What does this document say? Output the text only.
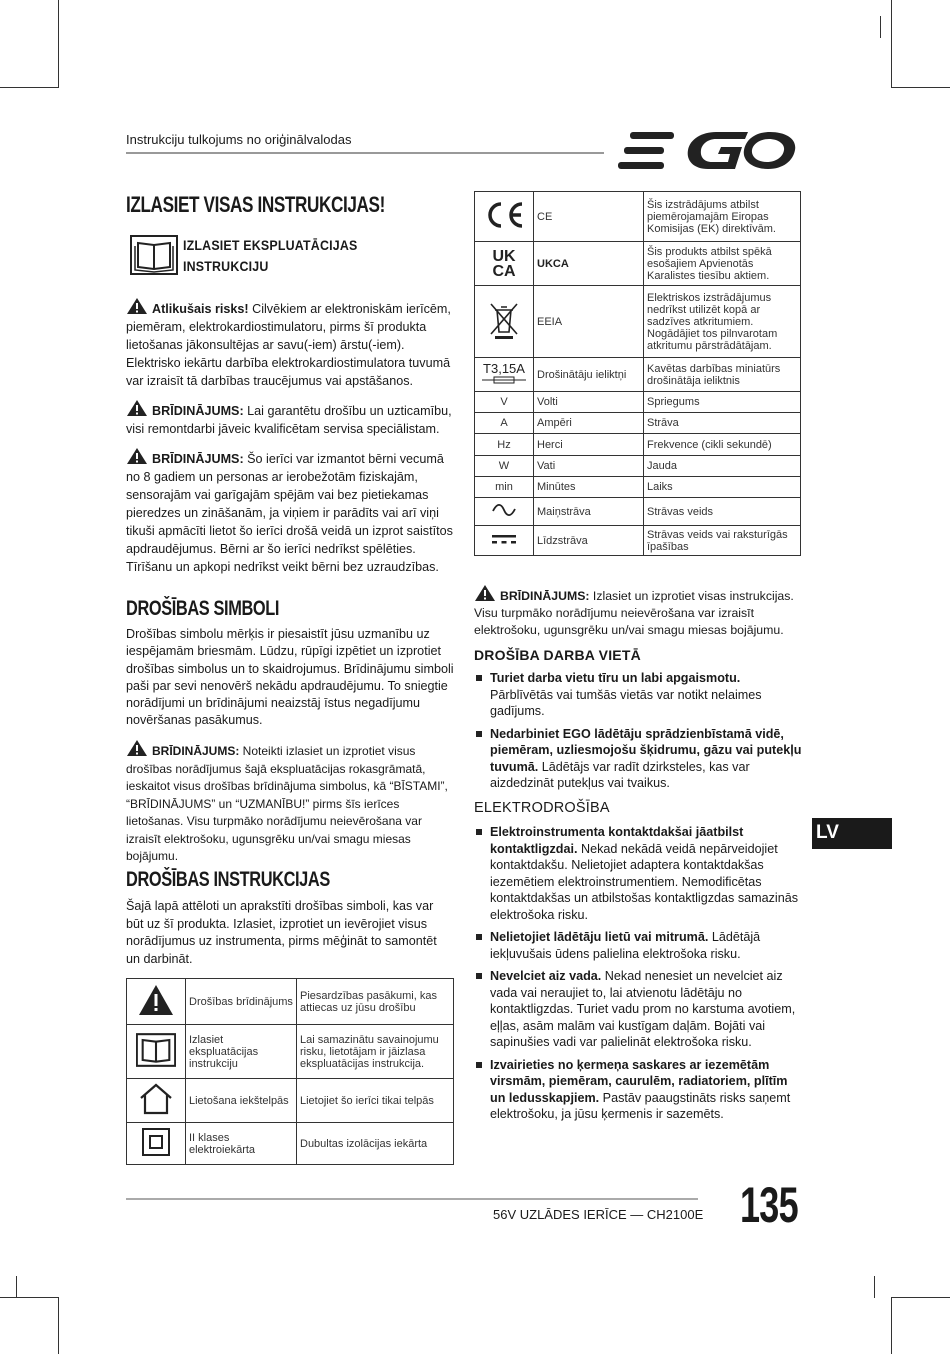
Instrukciju tulkojums no oriģinālvalodas
IZLASIET VISAS INSTRUKCIJAS!
IZLASIET EKSPLUATĀCIJAS
INSTRUKCIJU
Atlikušais risks! Cilvēkiem ar elektroniskām ierīcēm, piemēram, elektrokardiostimulatoru, pirms šī produkta lietošanas jākonsultējas ar savu(-iem) ārstu(-iem). Elektrisko iekārtu darbība elektrokardiostimulatora tuvumā var izraisīt tā darbības traucējumus vai apstāšanos.
BRĪDINĀJUMS: Lai garantētu drošību un uzticamību, visi remontdarbi jāveic kvalificētam servisa speciālistam.
BRĪDINĀJUMS: Šo ierīci var izmantot bērni vecumā no 8 gadiem un personas ar ierobežotām fiziskajām, sensorajām vai garīgajām spējām vai bez pietiekamas pieredzes un zināšanām, ja viņiem ir parādīts vai arī viņi tikuši apmācīti lietot šo ierīci drošā veidā un izprot saistītos apdraudējumus. Bērni ar šo ierīci nedrīkst spēlēties. Tīrīšanu un apkopi nedrīkst veikt bērni bez uzraudzības.
DROŠĪBAS SIMBOLI
Drošības simbolu mērķis ir piesaistīt jūsu uzmanību uz iespējamām briesmām. Lūdzu, rūpīgi izpētiet un izprotiet drošības simbolus un to skaidrojumus. Brīdinājumu simboli paši par sevi nenovērš nekādu apdraudējumu. To sniegtie norādījumi un brīdinājumi neaizstāj īstus negadījumu novēršanas pasākumus.
BRĪDINĀJUMS: Noteikti izlasiet un izprotiet visus drošības norādījumus šajā ekspluatācijas rokasgrāmatā, ieskaitot visus drošības brīdinājuma simbolus, kā “BĪSTAMI”, “BRĪDINĀJUMS” un “UZMANĪBU!” pirms šīs ierīces lietošanas. Visu turpmāko norādījumu neievērošana var izraisīt elektrošoku, ugunsgrēku un/vai smagu miesas bojājumu.
DROŠĪBAS INSTRUKCIJAS
Šajā lapā attēloti un aprakstīti drošības simboli, kas var būt uz šī produkta. Izlasiet, izprotiet un ievērojiet visus norādījumus uz instrumenta, pirms mēģināt to samontēt un darbināt.
	Drošības brīdinājums	Piesardzības pasākumi, kas attiecas uz jūsu drošību
	Izlasiet ekspluatācijas instrukciju	Lai samazinātu savainojumu risku, lietotājam ir jāizlasa ekspluatācijas instrukcija.
	Lietošana iekštelpās	Lietojiet šo ierīci tikai telpās
	II klases elektroiekārta	Dubultas izolācijas iekārta
	CE	Šis izstrādājums atbilst piemērojamajām Eiropas Komisijas (EK) direktīvām.

UK
CA	UKCA	Šis produkts atbilst spēkā esošajiem Apvienotās Karalistes tiesību aktiem.
	EEIA	Elektriskos izstrādājumus nedrīkst utilizēt kopā ar sadzīves atkritumiem. Nogādājiet tos pilnvarotam atkritumu pārstrādātājam.

T3,15A	Drošinātāju ieliktņi	Kavētas darbības miniatūrs drošinātāja ieliktnis
V	Volti	Spriegums
A	Ampēri	Strāva
Hz	Herci	Frekvence (cikli sekundē)
W	Vati	Jauda
min	Minūtes	Laiks
	Maiņstrāva	Strāvas veids
	Līdzstrāva	Strāvas veids vai raksturīgās īpašības
BRĪDINĀJUMS: Izlasiet un izprotiet visas instrukcijas. Visu turpmāko norādījumu neievērošana var izraisīt elektrošoku, ugunsgrēku un/vai smagu miesas bojājumu.
DROŠĪBA DARBA VIETĀ
Turiet darba vietu tīru un labi apgaismotu. Pārblīvētās vai tumšās vietās var notikt nelaimes gadījums.
Nedarbiniet EGO lādētāju sprādzienbīstamā vidē, piemēram, uzliesmojošu šķidrumu, gāzu vai putekļu tuvumā. Lādētājs var radīt dzirksteles, kas var aizdedzināt putekļus vai tvaikus.
ELEKTRODROŠĪBA
Elektroinstrumenta kontaktdakšai jāatbilst kontaktligzdai. Nekad nekādā veidā nepārveidojiet kontaktdakšu. Nelietojiet adaptera kontaktdakšas iezemētiem elektroinstrumentiem. Nemodificētas kontaktdakšas un atbilstošas kontaktligzdas samazinās elektrošoka risku.
Nelietojiet lādētāju lietū vai mitrumā. Lādētājā iekļuvušais ūdens palielina elektrošoka risku.
Nevelciet aiz vada. Nekad nenesiet un nevelciet aiz vada vai neraujiet to, lai atvienotu lādētāju no kontaktligzdas. Turiet vadu prom no karstuma avotiem, eļļas, asām malām vai kustīgam daļām. Bojāti vai sapinušies vadi var palielināt elektrošoka risku.
Izvairieties no ķermeņa saskares ar iezemētām virsmām, piemēram, caurulēm, radiatoriem, plītīm un ledusskapjiem. Pastāv paaugstināts risks saņemt elektrošoku, ja jūsu ķermenis ir sazemēts.
LV
56V UZLĀDES IERĪCE — CH2100E 135
